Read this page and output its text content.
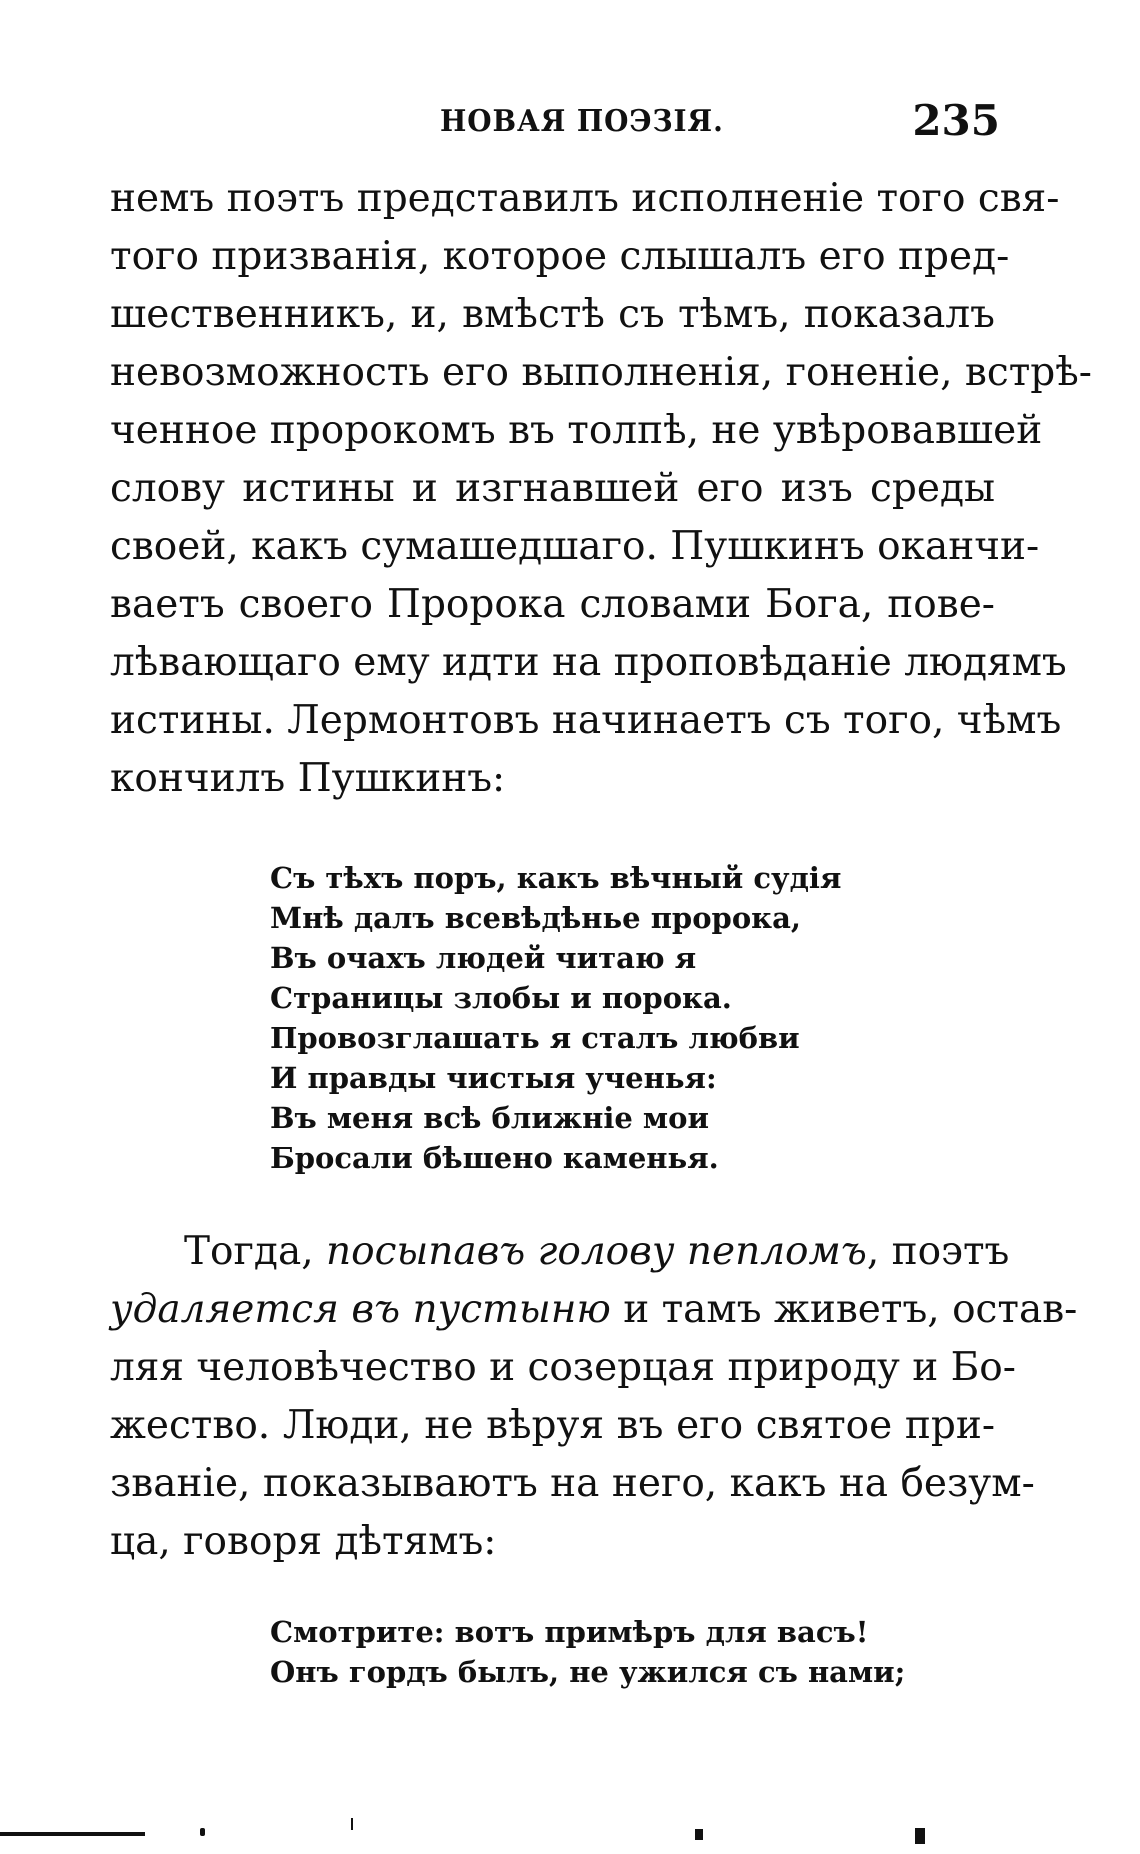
НОВАЯ ПОЭЗІЯ.	235
немъ поэтъ представилъ исполненіе того свя-
того призванія, которое слышалъ его пред-
шественникъ, и, вмѣстѣ съ тѣмъ, показалъ
невозможность его выполненія, гоненіе, встрѣ-
ченное пророкомъ въ толпѣ, не увѣровавшей
слову истины и изгнавшей его изъ среды
своей, какъ сумашедшаго. Пушкинъ оканчи-
ваетъ своего Пророка словами Бога, пове-
лѣвающаго ему идти на проповѣданіе людямъ
истины. Лермонтовъ начинаетъ съ того, чѣмъ
кончилъ Пушкинъ:
Съ тѣхъ поръ, какъ вѣчный судія
Мнѣ далъ всевѣдѣнье пророка,
Въ очахъ людей читаю я
Страницы злобы и порока.
Провозглашать я сталъ любви
И правды чистыя ученья:
Въ меня всѣ ближніе мои
Бросали бѣшено каменья.
Тогда, посыпавъ голову пепломъ, поэтъ
удаляется въ пустыню и тамъ живетъ, остав-
ляя человѣчество и созерцая природу и Бо-
жество. Люди, не вѣруя въ его святое при-
званіе, показываютъ на него, какъ на безум-
ца, говоря дѣтямъ:
Смотрите: вотъ примѣръ для васъ!
Онъ гордъ былъ, не ужился съ нами;
